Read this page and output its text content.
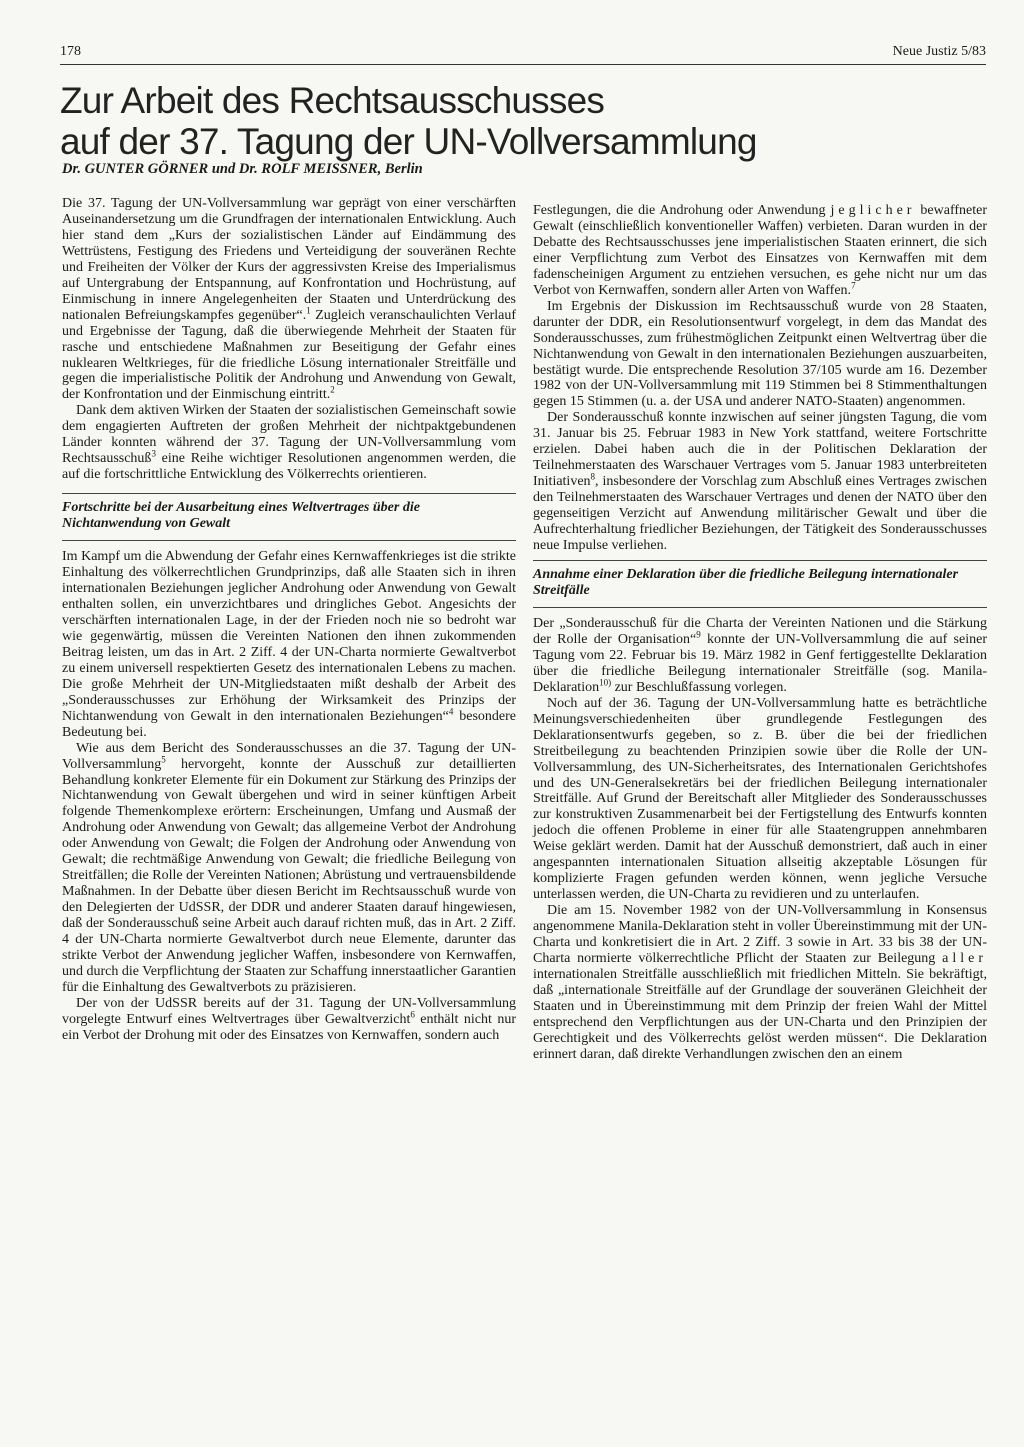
178	Neue Justiz 5/83
Zur Arbeit des Rechtsausschusses
auf der 37. Tagung der UN-Vollversammlung
Dr. GUNTER GÖRNER und Dr. ROLF MEISSNER, Berlin

Die 37. Tagung der UN-Vollversammlung war geprägt von einer verschärften Auseinandersetzung um die Grundfragen der internationalen Entwicklung. Auch hier stand dem „Kurs der sozialistischen Länder auf Eindämmung des Wettrüstens, Festigung des Friedens und Verteidigung der souveränen Rechte und Freiheiten der Völker der Kurs der aggressivsten Kreise des Imperialismus auf Untergrabung der Entspannung, auf Konfrontation und Hochrüstung, auf Einmischung in innere Angelegenheiten der Staaten und Unterdrückung des nationalen Befreiungskampfes gegenüber“.$^1$ Zugleich veranschaulichten Verlauf und Ergebnisse der Tagung, daß die überwiegende Mehrheit der Staaten für rasche und entschiedene Maßnahmen zur Beseitigung der Gefahr eines nuklearen Weltkrieges, für die friedliche Lösung internationaler Streitfälle und gegen die imperialistische Politik der Androhung und Anwendung von Gewalt, der Konfrontation und der Einmischung eintritt.$^2$

Dank dem aktiven Wirken der Staaten der sozialistischen Gemeinschaft sowie dem engagierten Auftreten der großen Mehrheit der nichtpaktgebundenen Länder konnten während der 37. Tagung der UN-Vollversammlung vom Rechtsausschuß$^3$ eine Reihe wichtiger Resolutionen angenommen werden, die auf die fortschrittliche Entwicklung des Völkerrechts orientieren.

Fortschritte bei der Ausarbeitung eines Weltvertrages über die Nichtanwendung von Gewalt

Im Kampf um die Abwendung der Gefahr eines Kernwaffenkrieges ist die strikte Einhaltung des völkerrechtlichen Grundprinzips, daß alle Staaten sich in ihren internationalen Beziehungen jeglicher Androhung oder Anwendung von Gewalt enthalten sollen, ein unverzichtbares und dringliches Gebot. Angesichts der verschärften internationalen Lage, in der der Frieden noch nie so bedroht war wie gegenwärtig, müssen die Vereinten Nationen den ihnen zukommenden Beitrag leisten, um das in Art. 2 Ziff. 4 der UN-Charta normierte Gewaltverbot zu einem universell respektierten Gesetz des internationalen Lebens zu machen. Die große Mehrheit der UN-Mitgliedstaaten mißt deshalb der Arbeit des „Sonderausschusses zur Erhöhung der Wirksamkeit des Prinzips der Nichtanwendung von Gewalt in den internationalen Beziehungen“$^4$ besondere Bedeutung bei.

Wie aus dem Bericht des Sonderausschusses an die 37. Tagung der UN-Vollversammlung$^5$ hervorgeht, konnte der Ausschuß zur detaillierten Behandlung konkreter Elemente für ein Dokument zur Stärkung des Prinzips der Nichtanwendung von Gewalt übergehen und wird in seiner künftigen Arbeit folgende Themenkomplexe erörtern: Erscheinungen, Umfang und Ausmaß der Androhung oder Anwendung von Gewalt; das allgemeine Verbot der Androhung oder Anwendung von Gewalt; die Folgen der Androhung oder Anwendung von Gewalt; die rechtmäßige Anwendung von Gewalt; die friedliche Beilegung von Streitfällen; die Rolle der Vereinten Nationen; Abrüstung und vertrauensbildende Maßnahmen. In der Debatte über diesen Bericht im Rechtsausschuß wurde von den Delegierten der UdSSR, der DDR und anderer Staaten darauf hingewiesen, daß der Sonderausschuß seine Arbeit auch darauf richten muß, das in Art. 2 Ziff. 4 der UN-Charta normierte Gewaltverbot durch neue Elemente, darunter das strikte Verbot der Anwendung jeglicher Waffen, insbesondere von Kernwaffen, und durch die Verpflichtung der Staaten zur Schaffung innerstaatlicher Garantien für die Einhaltung des Gewaltverbots zu präzisieren.

Der von der UdSSR bereits auf der 31. Tagung der UN-Vollversammlung vorgelegte Entwurf eines Weltvertrages über Gewaltverzicht$^6$ enthält nicht nur ein Verbot der Drohung mit oder des Einsatzes von Kernwaffen, sondern auch

Festlegungen, die die Androhung oder Anwendung jeglicher bewaffneter Gewalt (einschließlich konventioneller Waffen) verbieten. Daran wurden in der Debatte des Rechtsausschusses jene imperialistischen Staaten erinnert, die sich einer Verpflichtung zum Verbot des Einsatzes von Kernwaffen mit dem fadenscheinigen Argument zu entziehen versuchen, es gehe nicht nur um das Verbot von Kernwaffen, sondern aller Arten von Waffen.$^7$

Im Ergebnis der Diskussion im Rechtsausschuß wurde von 28 Staaten, darunter der DDR, ein Resolutionsentwurf vorgelegt, in dem das Mandat des Sonderausschusses, zum frühestmöglichen Zeitpunkt einen Weltvertrag über die Nichtanwendung von Gewalt in den internationalen Beziehungen auszuarbeiten, bestätigt wurde. Die entsprechende Resolution 37/105 wurde am 16. Dezember 1982 von der UN-Vollversammlung mit 119 Stimmen bei 8 Stimmenthaltungen gegen 15 Stimmen (u. a. der USA und anderer NATO-Staaten) angenommen.

Der Sonderausschuß konnte inzwischen auf seiner jüngsten Tagung, die vom 31. Januar bis 25. Februar 1983 in New York stattfand, weitere Fortschritte erzielen. Dabei haben auch die in der Politischen Deklaration der Teilnehmerstaaten des Warschauer Vertrages vom 5. Januar 1983 unterbreiteten Initiativen$^8$, insbesondere der Vorschlag zum Abschluß eines Vertrages zwischen den Teilnehmerstaaten des Warschauer Vertrages und denen der NATO über den gegenseitigen Verzicht auf Anwendung militärischer Gewalt und über die Aufrechterhaltung friedlicher Beziehungen, der Tätigkeit des Sonderausschusses neue Impulse verliehen.

Annahme einer Deklaration über die friedliche Beilegung internationaler Streitfälle

Der „Sonderausschuß für die Charta der Vereinten Nationen und die Stärkung der Rolle der Organisation“$^9$ konnte der UN-Vollversammlung die auf seiner Tagung vom 22. Februar bis 19. März 1982 in Genf fertiggestellte Deklaration über die friedliche Beilegung internationaler Streitfälle (sog. Manila-Deklaration$^{10)}$ zur Beschlußfassung vorlegen.

Noch auf der 36. Tagung der UN-Vollversammlung hatte es beträchtliche Meinungsverschiedenheiten über grundlegende Festlegungen des Deklarationsentwurfs gegeben, so z. B. über die bei der friedlichen Streitbeilegung zu beachtenden Prinzipien sowie über die Rolle der UN-Vollversammlung, des UN-Sicherheitsrates, des Internationalen Gerichtshofes und des UN-Generalsekretärs bei der friedlichen Beilegung internationaler Streitfälle. Auf Grund der Bereitschaft aller Mitglieder des Sonderausschusses zur konstruktiven Zusammenarbeit bei der Fertigstellung des Entwurfs konnten jedoch die offenen Probleme in einer für alle Staatengruppen annehmbaren Weise geklärt werden. Damit hat der Ausschuß demonstriert, daß auch in einer angespannten internationalen Situation allseitig akzeptable Lösungen für komplizierte Fragen gefunden werden können, wenn jegliche Versuche unterlassen werden, die UN-Charta zu revidieren und zu unterlaufen.

Die am 15. November 1982 von der UN-Vollversammlung in Konsensus angenommene Manila-Deklaration steht in voller Übereinstimmung mit der UN-Charta und konkretisiert die in Art. 2 Ziff. 3 sowie in Art. 33 bis 38 der UN-Charta normierte völkerrechtliche Pflicht der Staaten zur Beilegung aller internationalen Streitfälle ausschließlich mit friedlichen Mitteln. Sie bekräftigt, daß „internationale Streitfälle auf der Grundlage der souveränen Gleichheit der Staaten und in Übereinstimmung mit dem Prinzip der freien Wahl der Mittel entsprechend den Verpflichtungen aus der UN-Charta und den Prinzipien der Gerechtigkeit und des Völkerrechts gelöst werden müssen“. Die Deklaration erinnert daran, daß direkte Verhandlungen zwischen den an einem
